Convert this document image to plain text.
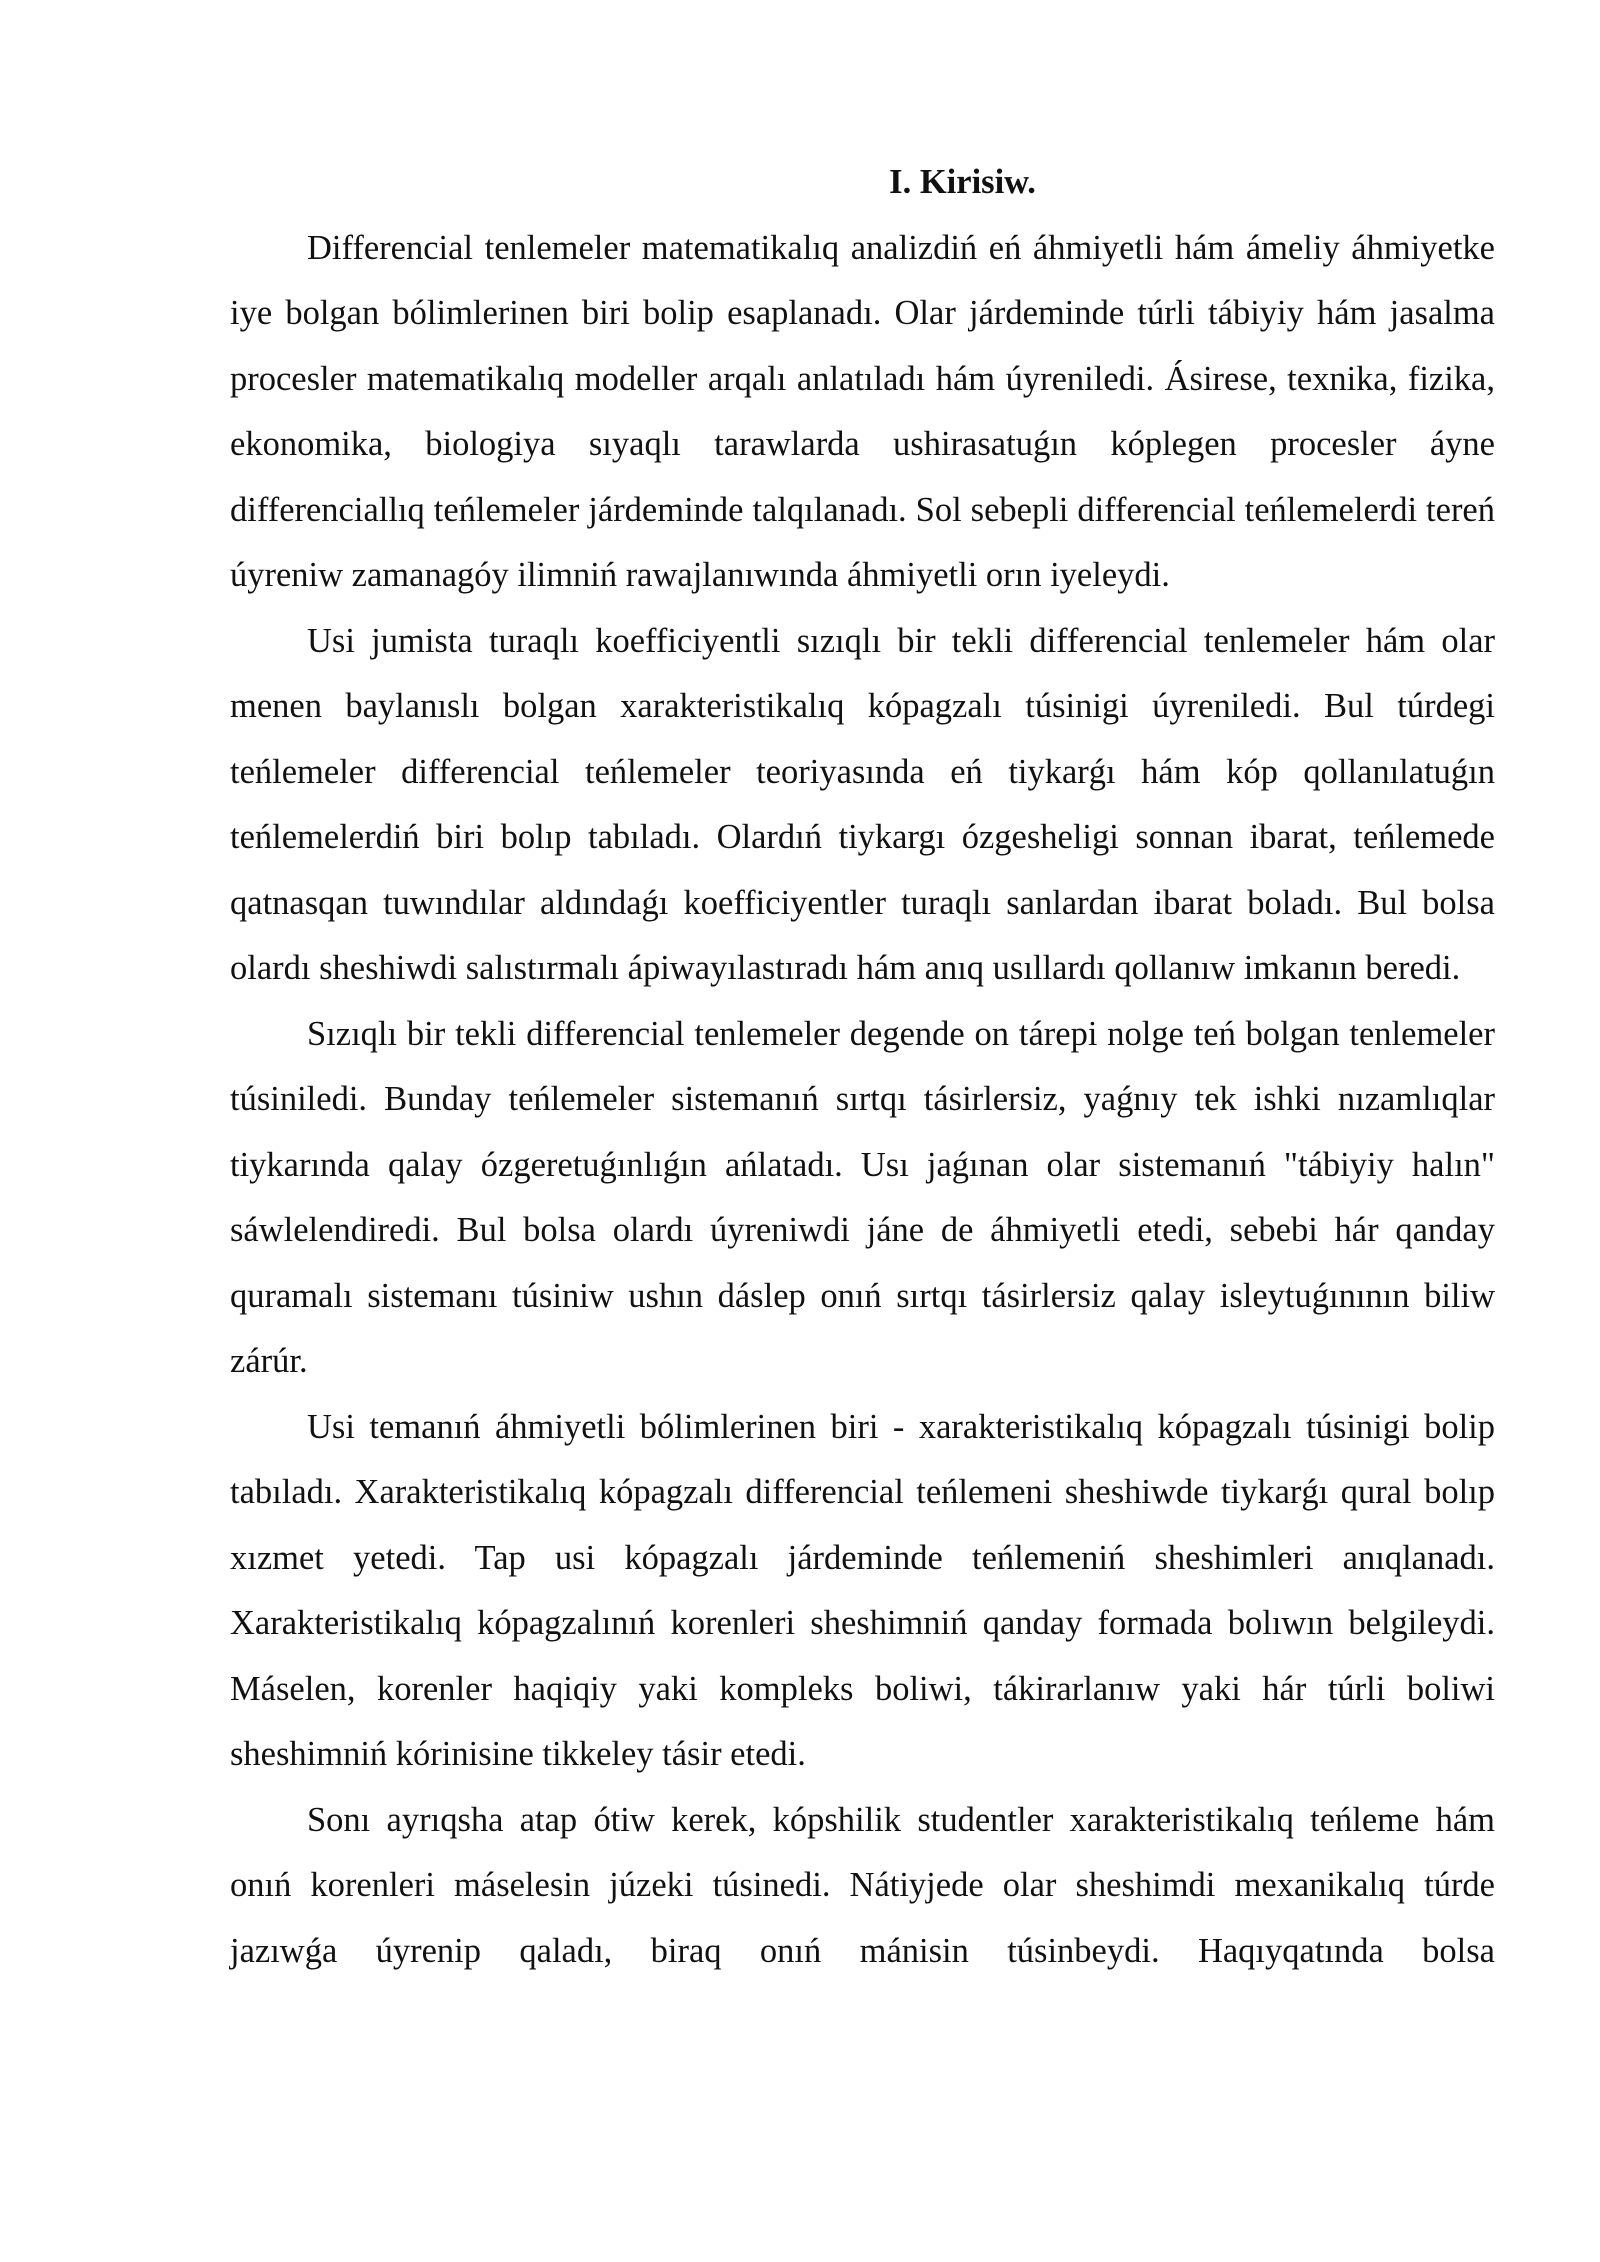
I. Kirisiw.

Differencial tenlemeler matematikalıq analizdiń eń áhmiyetli hám ámeliy áhmiyetke iye bolgan bólimlerinen biri bolip esaplanadı. Olar járdeminde túrli tábiyiy hám jasalma procesler matematikalıq modeller arqalı anlatıladı hám úyreniledi. Ásirese, texnika, fizika, ekonomika, biologiya sıyaqlı tarawlarda ushirasatuǵın kóplegen procesler áyne differenciallıq teńlemeler járdeminde talqılanadı. Sol sebepli differencial teńlemelerdi tereń úyreniw zamanagóy ilimniń rawajlanıwında áhmiyetli orın iyeleydi.

Usi jumista turaqlı koefficiyentli sızıqlı bir tekli differencial tenlemeler hám olar menen baylanıslı bolgan xarakteristikalıq kópagzalı túsinigi úyreniledi. Bul túrdegi teńlemeler differencial teńlemeler teoriyasında eń tiykarǵı hám kóp qollanılatuǵın teńlemelerdiń biri bolıp tabıladı. Olardıń tiykargı ózgesheligi sonnan ibarat, teńlemede qatnasqan tuwındılar aldındaǵı koefficiyentler turaqlı sanlardan ibarat boladı. Bul bolsa olardı sheshiwdi salıstırmalı ápiwayılastıradı hám anıq usıllardı qollanıw imkanın beredi.

Sızıqlı bir tekli differencial tenlemeler degende on tárepi nolge teń bolgan tenlemeler túsiniledi. Bunday teńlemeler sistemanıń sırtqı tásirlersiz, yaǵnıy tek ishki nızamlıqlar tiykarında qalay ózgeretuǵınlıǵın ańlatadı. Usı jaǵınan olar sistemanıń "tábiyiy halın" sáwlelendiredi. Bul bolsa olardı úyreniwdi jáne de áhmiyetli etedi, sebebi hár qanday quramalı sistemanı túsiniw ushın dáslep onıń sırtqı tásirlersiz qalay isleytuǵınının biliw zárúr.

Usi temanıń áhmiyetli bólimlerinen biri - xarakteristikalıq kópagzalı túsinigi bolip tabıladı. Xarakteristikalıq kópagzalı differencial teńlemeni sheshiwde tiykarǵı qural bolıp xızmet yetedi. Tap usi kópagzalı járdeminde teńlemeniń sheshimleri anıqlanadı. Xarakteristikalıq kópagzalınıń korenleri sheshimniń qanday formada bolıwın belgileydi. Máselen, korenler haqiqiy yaki kompleks boliwi, tákirarlanıw yaki hár túrli boliwi sheshimniń kórinisine tikkeley tásir etedi.

Sonı ayrıqsha atap ótiw kerek, kópshilik studentler xarakteristikalıq teńleme hám onıń korenleri máselesin júzeki túsinedi. Nátiyjede olar sheshimdi mexanikalıq túrde jazıwǵa úyrenip qaladı, biraq onıń mánisin túsinbeydi. Haqıyqatında bolsa
